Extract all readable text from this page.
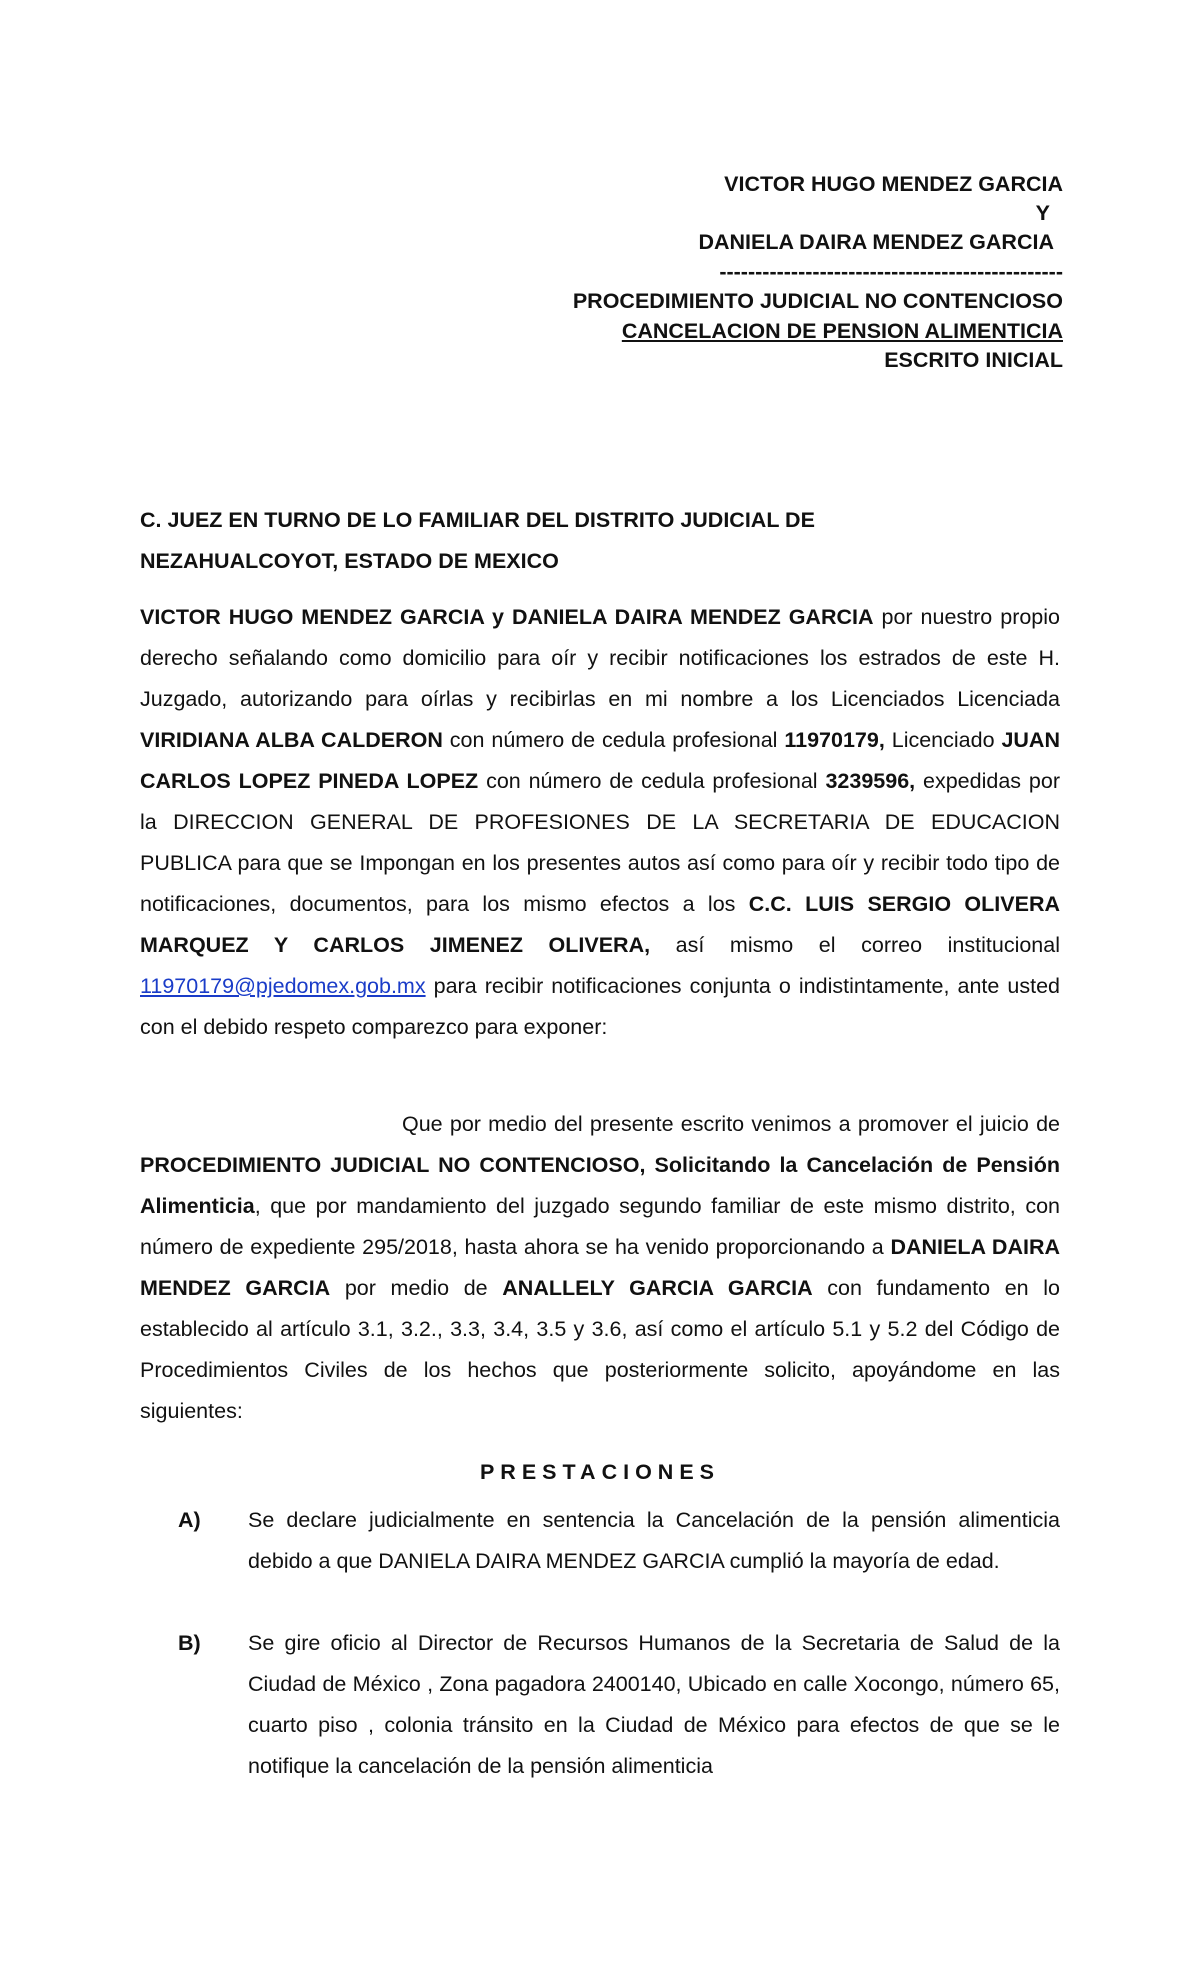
VICTOR HUGO MENDEZ GARCIA

Y

DANIELA DAIRA MENDEZ GARCIA

------------------------------------------------

PROCEDIMIENTO JUDICIAL NO CONTENCIOSO

CANCELACION DE PENSION ALIMENTICIA

ESCRITO INICIAL

C. JUEZ EN TURNO DE LO FAMILIAR DEL DISTRITO JUDICIAL DE

NEZAHUALCOYOT, ESTADO DE MEXICO

VICTOR HUGO MENDEZ GARCIA y DANIELA DAIRA MENDEZ GARCIA por nuestro propio derecho señalando como domicilio para oír y recibir notificaciones los estrados de este H. Juzgado, autorizando para oírlas y recibirlas en mi nombre a los Licenciados Licenciada VIRIDIANA ALBA CALDERON con número de cedula profesional 11970179, Licenciado JUAN CARLOS LOPEZ PINEDA LOPEZ con número de cedula profesional 3239596, expedidas por la DIRECCION GENERAL DE PROFESIONES DE LA SECRETARIA DE EDUCACION PUBLICA para que se Impongan en los presentes autos así como para oír y recibir todo tipo de notificaciones, documentos, para los mismo efectos a los C.C. LUIS SERGIO OLIVERA MARQUEZ Y CARLOS JIMENEZ OLIVERA, así mismo el correo institucional 11970179@pjedomex.gob.mx para recibir notificaciones conjunta o indistintamente, ante usted con el debido respeto comparezco para exponer:

Que por medio del presente escrito venimos a promover el juicio de PROCEDIMIENTO JUDICIAL NO CONTENCIOSO, Solicitando la Cancelación de Pensión Alimenticia, que por mandamiento del juzgado segundo familiar de este mismo distrito, con número de expediente 295/2018, hasta ahora se ha venido proporcionando a DANIELA DAIRA MENDEZ GARCIA por medio de ANALLELY GARCIA GARCIA con fundamento en lo establecido al artículo 3.1, 3.2., 3.3, 3.4, 3.5 y 3.6, así como el artículo 5.1 y 5.2 del Código de Procedimientos Civiles de los hechos que posteriormente solicito, apoyándome en las siguientes:

PRESTACIONES

A)	Se declare judicialmente en sentencia la Cancelación de la pensión alimenticia debido a que DANIELA DAIRA MENDEZ GARCIA cumplió la mayoría de edad.
B)	Se gire oficio al Director de Recursos Humanos de la Secretaria de Salud de la Ciudad de México , Zona pagadora 2400140, Ubicado en calle Xocongo, número 65, cuarto piso , colonia tránsito en la Ciudad de México para efectos de que se le notifique la cancelación de la pensión alimenticia
